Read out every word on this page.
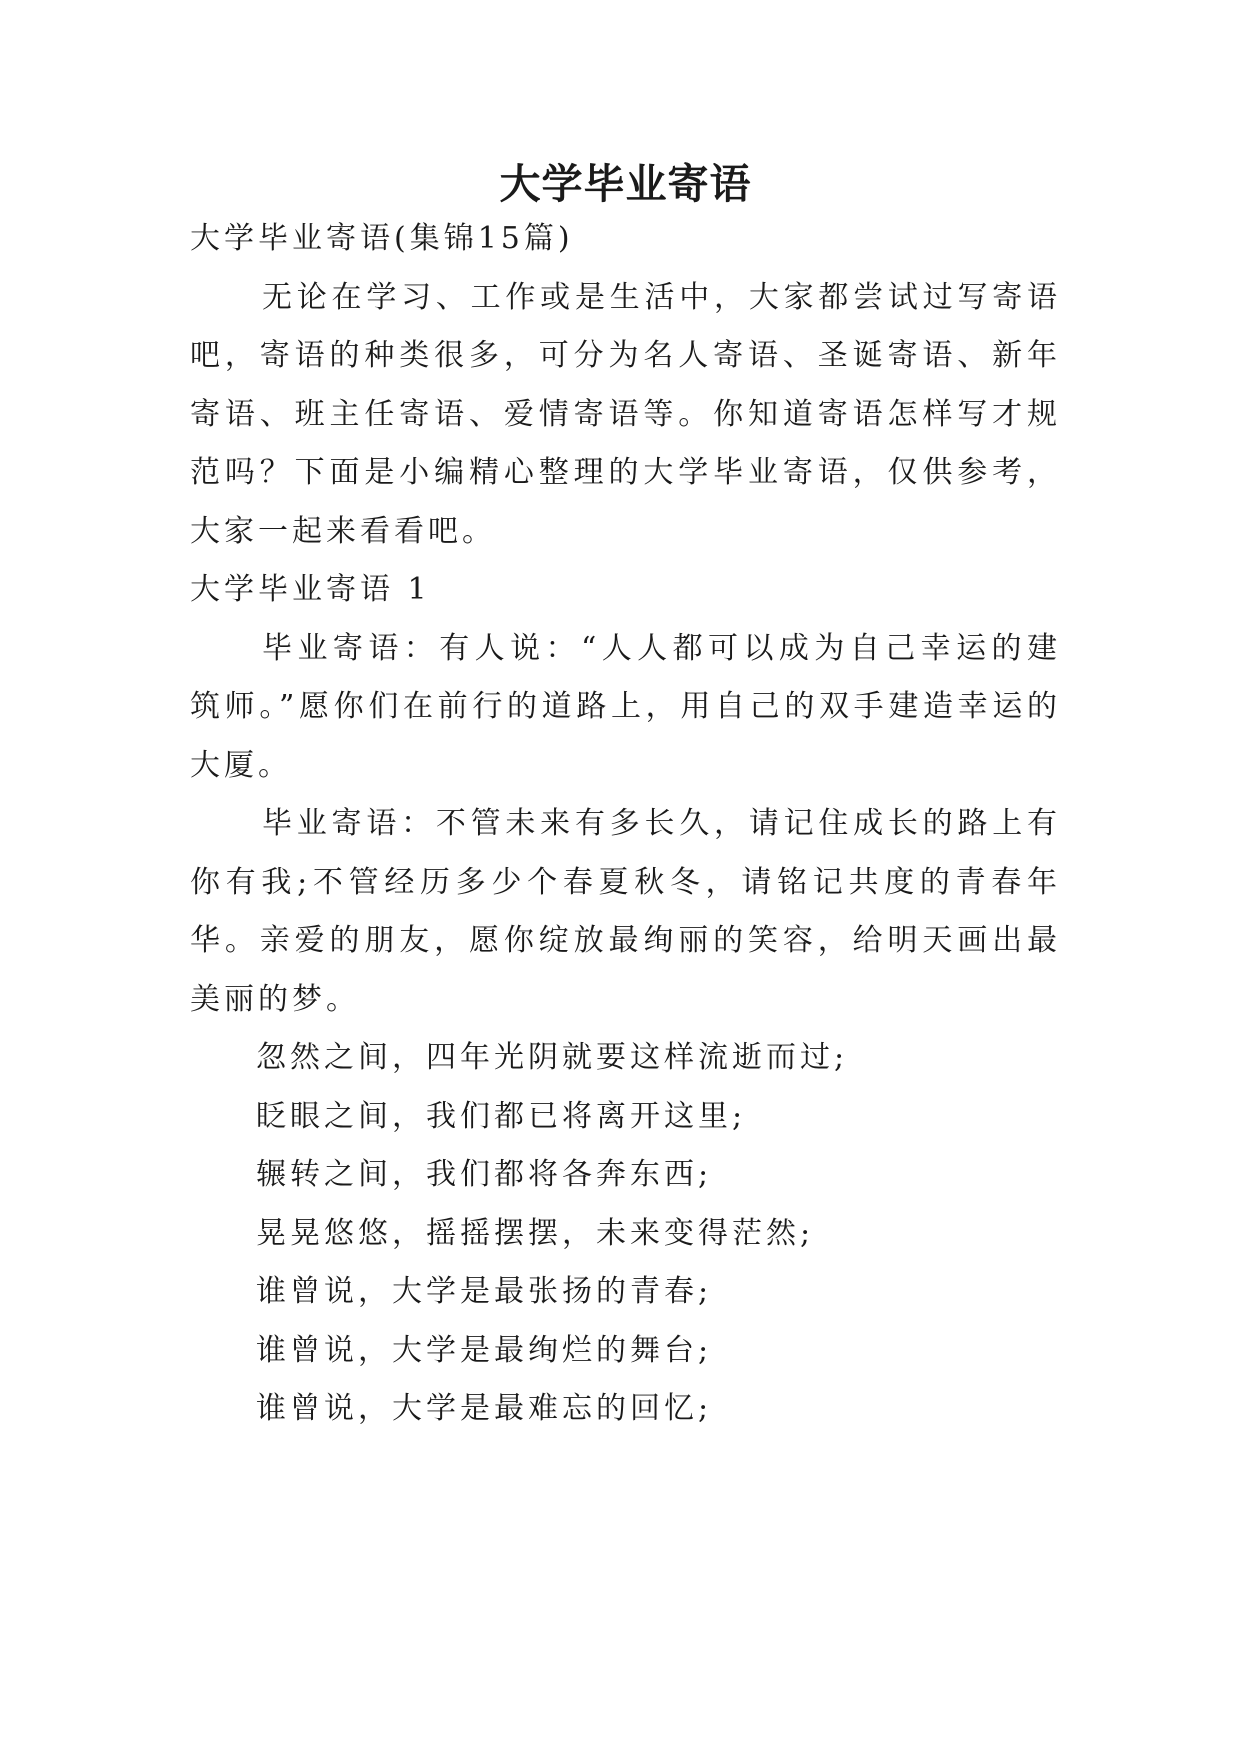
大学毕业寄语
大学毕业寄语(集锦15篇)

无论在学习、工作或是生活中，大家都尝试过写寄语吧，寄语的种类很多，可分为名人寄语、圣诞寄语、新年寄语、班主任寄语、爱情寄语等。你知道寄语怎样写才规范吗？下面是小编精心整理的大学毕业寄语，仅供参考，大家一起来看看吧。

大学毕业寄语 1

毕业寄语：有人说：“人人都可以成为自己幸运的建筑师。”愿你们在前行的道路上，用自己的双手建造幸运的大厦。

毕业寄语：不管未来有多长久，请记住成长的路上有你有我;不管经历多少个春夏秋冬，请铭记共度的青春年华。亲爱的朋友，愿你绽放最绚丽的笑容，给明天画出最美丽的梦。

忽然之间，四年光阴就要这样流逝而过;

眨眼之间，我们都已将离开这里;

辗转之间，我们都将各奔东西;

晃晃悠悠，摇摇摆摆，未来变得茫然;

谁曾说，大学是最张扬的青春;

谁曾说，大学是最绚烂的舞台;

谁曾说，大学是最难忘的回忆;
